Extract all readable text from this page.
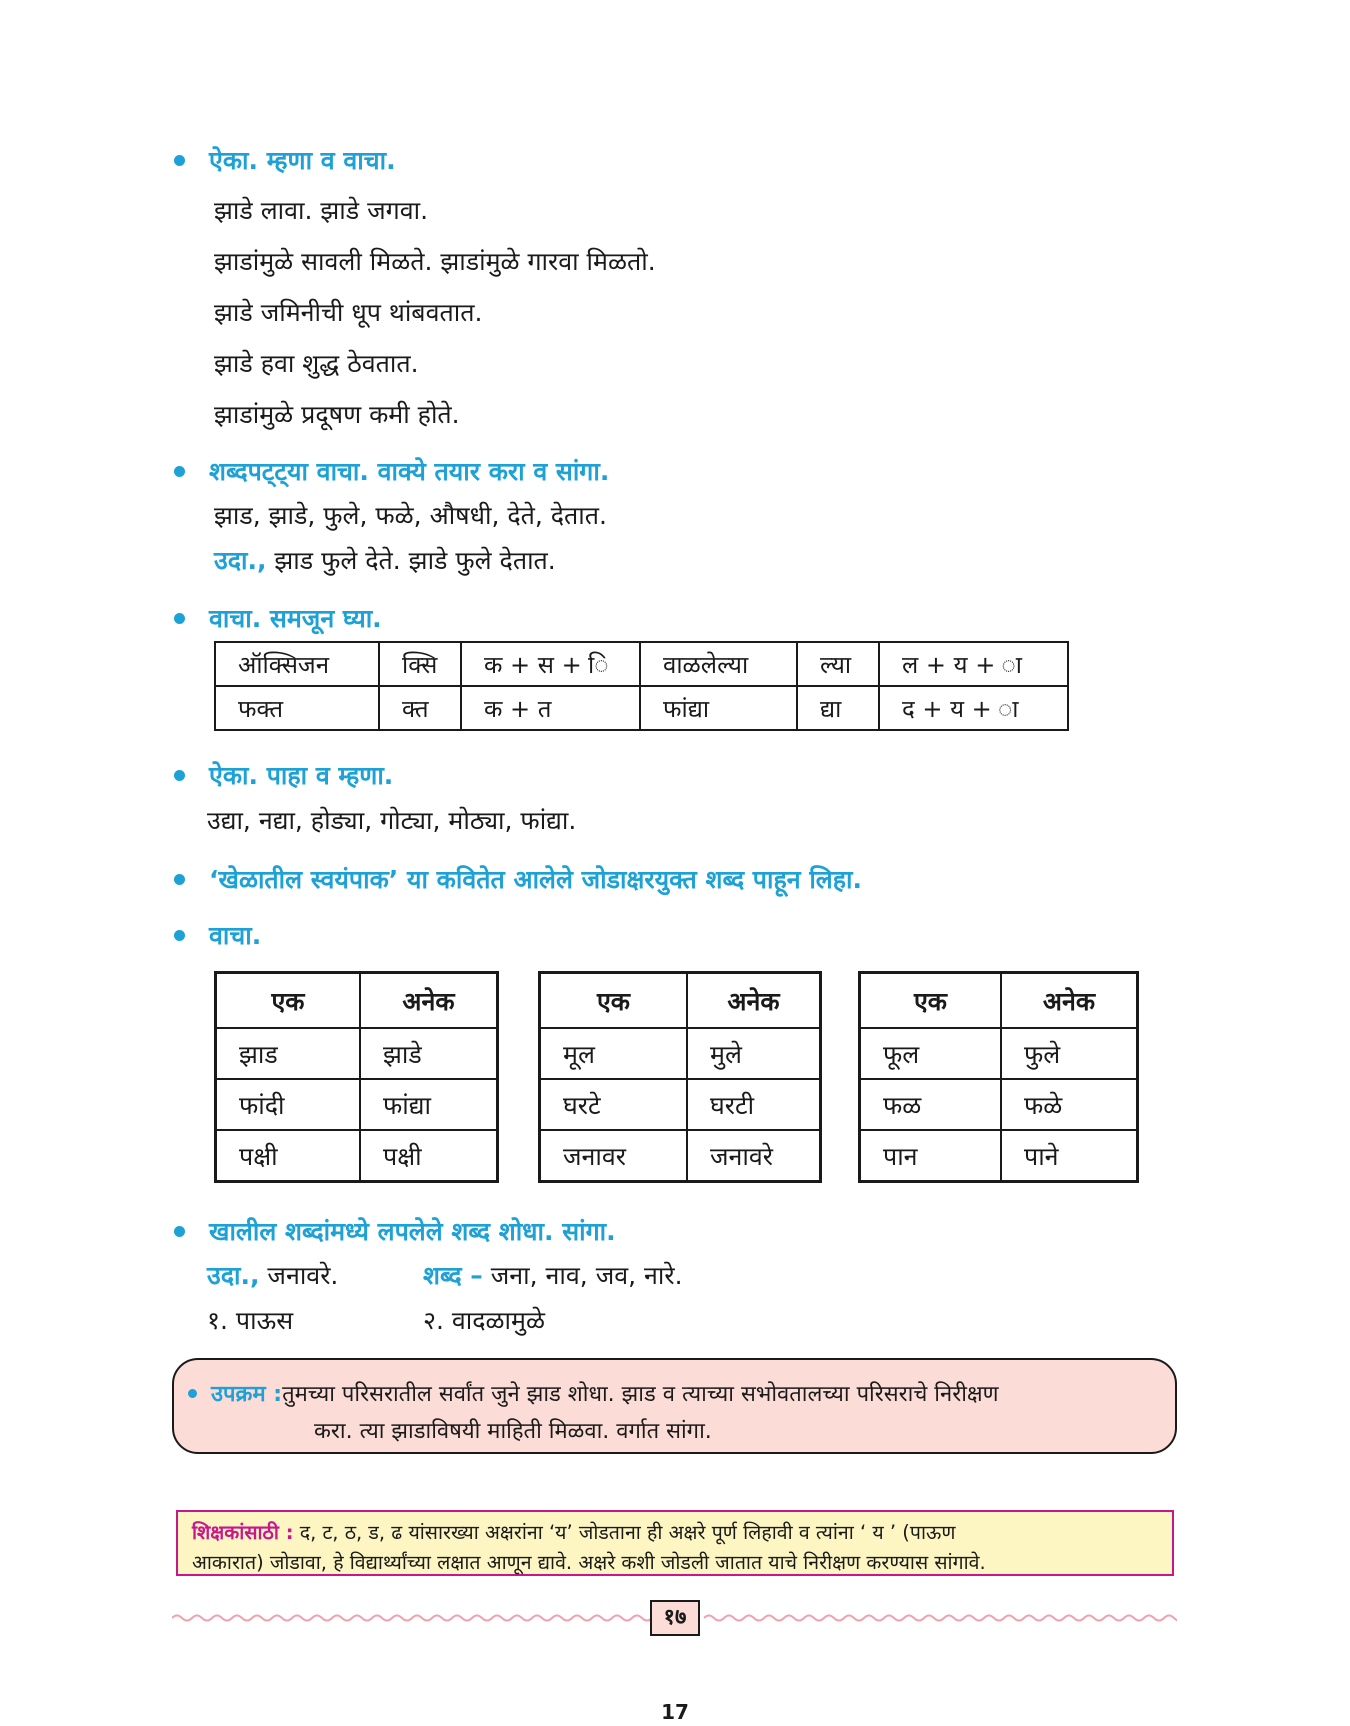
ऐका. म्हणा व वाचा.
झाडे लावा. झाडे जगवा.
झाडांमुळे सावली मिळते. झाडांमुळे गारवा मिळतो.
झाडे जमिनीची धूप थांबवतात.
झाडे हवा शुद्ध ठेवतात.
झाडांमुळे प्रदूषण कमी होते.
शब्दपट्ट्या वाचा. वाक्ये तयार करा व सांगा.
झाड, झाडे, फुले, फळे, औषधी, देते, देतात.
उदा., झाड फुले देते. झाडे फुले देतात.
वाचा. समजून घ्या.
ऑक्सिजन	क्सि	क + स + ि	वाळलेल्या	ल्या	ल + य + ा
फक्त	क्त	क + त	फांद्या	द्या	द + य + ा
ऐका. पाहा व म्हणा.
उद्या, नद्या, होड्या, गोट्या, मोठ्या, फांद्या.
‘खेळातील स्वयंपाक’ या कवितेत आलेले जोडाक्षरयुक्त शब्द पाहून लिहा.
वाचा.
एक	अनेक
झाड	झाडे
फांदी	फांद्या
पक्षी	पक्षी
एक	अनेक
मूल	मुले
घरटे	घरटी
जनावर	जनावरे
एक	अनेक
फूल	फुले
फळ	फळे
पान	पाने
खालील शब्दांमध्ये लपलेले शब्द शोधा. सांगा.
उदा., जनावरे.	शब्द – जना, नाव, जव, नारे.
१. पाऊस	२. वादळामुळे
उपक्रम : तुमच्या परिसरातील सर्वांत जुने झाड शोधा. झाड व त्याच्या सभोवतालच्या परिसराचे निरीक्षण
करा. त्या झाडाविषयी माहिती मिळवा. वर्गात सांगा.
शिक्षकांसाठी : द, ट, ठ, ड, ढ यांसारख्या अक्षरांना ‘य’ जोडताना ही अक्षरे पूर्ण लिहावी व त्यांना ‘ य ’ (पाऊण
आकारात) जोडावा, हे विद्यार्थ्यांच्या लक्षात आणून द्यावे. अक्षरे कशी जोडली जातात याचे निरीक्षण करण्यास सांगावे.
१७
17
